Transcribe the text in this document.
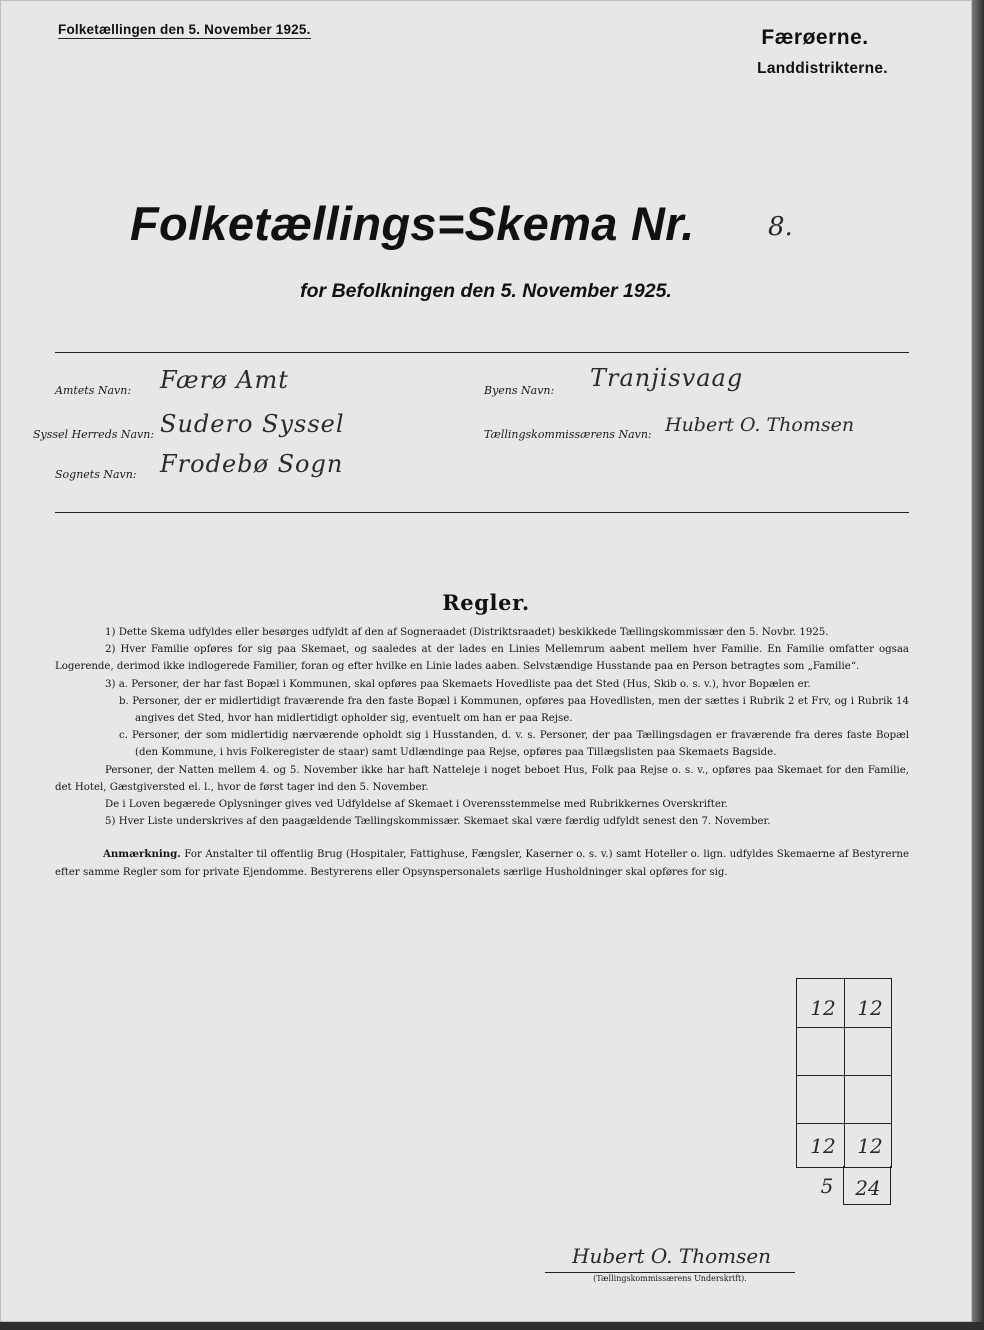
Folketællingen den 5. November 1925.	Færøerne.
Landdistrikterne.
Folketællings=Skema Nr.	8.
for Befolkningen den 5. November 1925.
Amtets Navn: Færø Amt
Syssel Herreds Navn: Sudero Syssel
Sognets Navn: Frodebø Sogn
Byens Navn: Tranjisvaag
Tællingskommissærens Navn: Hubert O. Thomsen
Regler.

1) Dette Skema udfyldes eller besørges udfyldt af den af Sogneraadet (Distriktsraadet) beskikkede Tællingskommissær den 5. Novbr. 1925.

2) Hver Familie opføres for sig paa Skemaet, og saaledes at der lades en Linies Mellemrum aabent mellem hver Familie. En Familie omfatter ogsaa Logerende, derimod ikke indlogerede Familier, foran og efter hvilke en Linie lades aaben. Selvstændige Husstande paa en Person betragtes som „Familie“.

3) a. Personer, der har fast Bopæl i Kommunen, skal opføres paa Skemaets Hovedliste paa det Sted (Hus, Skib o. s. v.), hvor Bopælen er.

b. Personer, der er midlertidigt fraværende fra den faste Bopæl i Kommunen, opføres paa Hovedlisten, men der sættes i Rubrik 2 et Frv, og i Rubrik 14 angives det Sted, hvor han midlertidigt opholder sig, eventuelt om han er paa Rejse.

c. Personer, der som midlertidig nærværende opholdt sig i Husstanden, d. v. s. Personer, der paa Tællingsdagen er fraværende fra deres faste Bopæl (den Kommune, i hvis Folkeregister de staar) samt Udlændinge paa Rejse, opføres paa Tillægslisten paa Skemaets Bagside.

Personer, der Natten mellem 4. og 5. November ikke har haft Natteleje i noget beboet Hus, Folk paa Rejse o. s. v., opføres paa Skemaet for den Familie, det Hotel, Gæstgiversted el. l., hvor de først tager ind den 5. November.

De i Loven begærede Oplysninger gives ved Udfyldelse af Skemaet i Overensstemmelse med Rubrikkernes Overskrifter.

5) Hver Liste underskrives af den paagældende Tællingskommissær. Skemaet skal være færdig udfyldt senest den 7. November.

Anmærkning. For Anstalter til offentlig Brug (Hospitaler, Fattighuse, Fængsler, Kaserner o. s. v.) samt Hoteller o. lign. udfyldes Skemaerne af Bestyrerne efter samme Regler som for private Ejendomme. Bestyrerens eller Opsynspersonalets særlige Husholdninger skal opføres for sig.

12	12
12	12
5	24
Hubert O. Thomsen
(Tællingskommissærens Underskrift).
